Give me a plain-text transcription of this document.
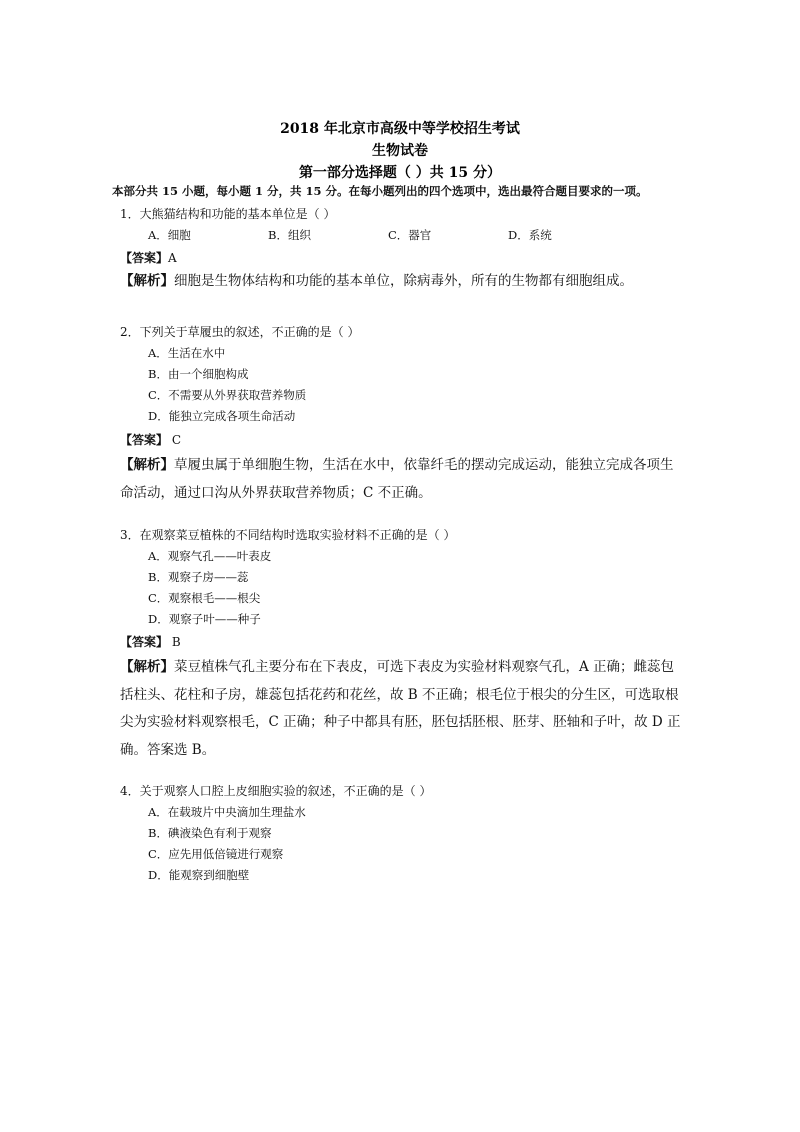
2018 年北京市高级中等学校招生考试
生物试卷
第一部分选择题（ ）共 15 分）
本部分共 15 小题，每小题 1 分，共 15 分。在每小题列出的四个选项中，选出最符合题目要求的一项。
1．大熊猫结构和功能的基本单位是（ ）
A．细胞	B．组织	C．器官	D．系统
【答案】A
【解析】细胞是生物体结构和功能的基本单位，除病毒外，所有的生物都有细胞组成。
2．下列关于草履虫的叙述，不正确的是（ ）
A．生活在水中
B．由一个细胞构成
C．不需要从外界获取营养物质
D．能独立完成各项生命活动
【答案】 C
【解析】草履虫属于单细胞生物，生活在水中，依靠纤毛的摆动完成运动，能独立完成各项生
命活动，通过口沟从外界获取营养物质；C 不正确。
3．在观察菜豆植株的不同结构时选取实验材料不正确的是（ ）
A．观察气孔——叶表皮
B．观察子房——蕊
C．观察根毛——根尖
D．观察子叶——种子
【答案】 B
【解析】菜豆植株气孔主要分布在下表皮，可选下表皮为实验材料观察气孔，A 正确；雌蕊包
括柱头、花柱和子房，雄蕊包括花药和花丝，故 B 不正确；根毛位于根尖的分生区，可选取根
尖为实验材料观察根毛，C 正确；种子中都具有胚，胚包括胚根、胚芽、胚轴和子叶，故 D 正
确。答案选 B。
4．关于观察人口腔上皮细胞实验的叙述，不正确的是（ ）
A．在载玻片中央滴加生理盐水
B．碘液染色有利于观察
C．应先用低倍镜进行观察
D．能观察到细胞壁
